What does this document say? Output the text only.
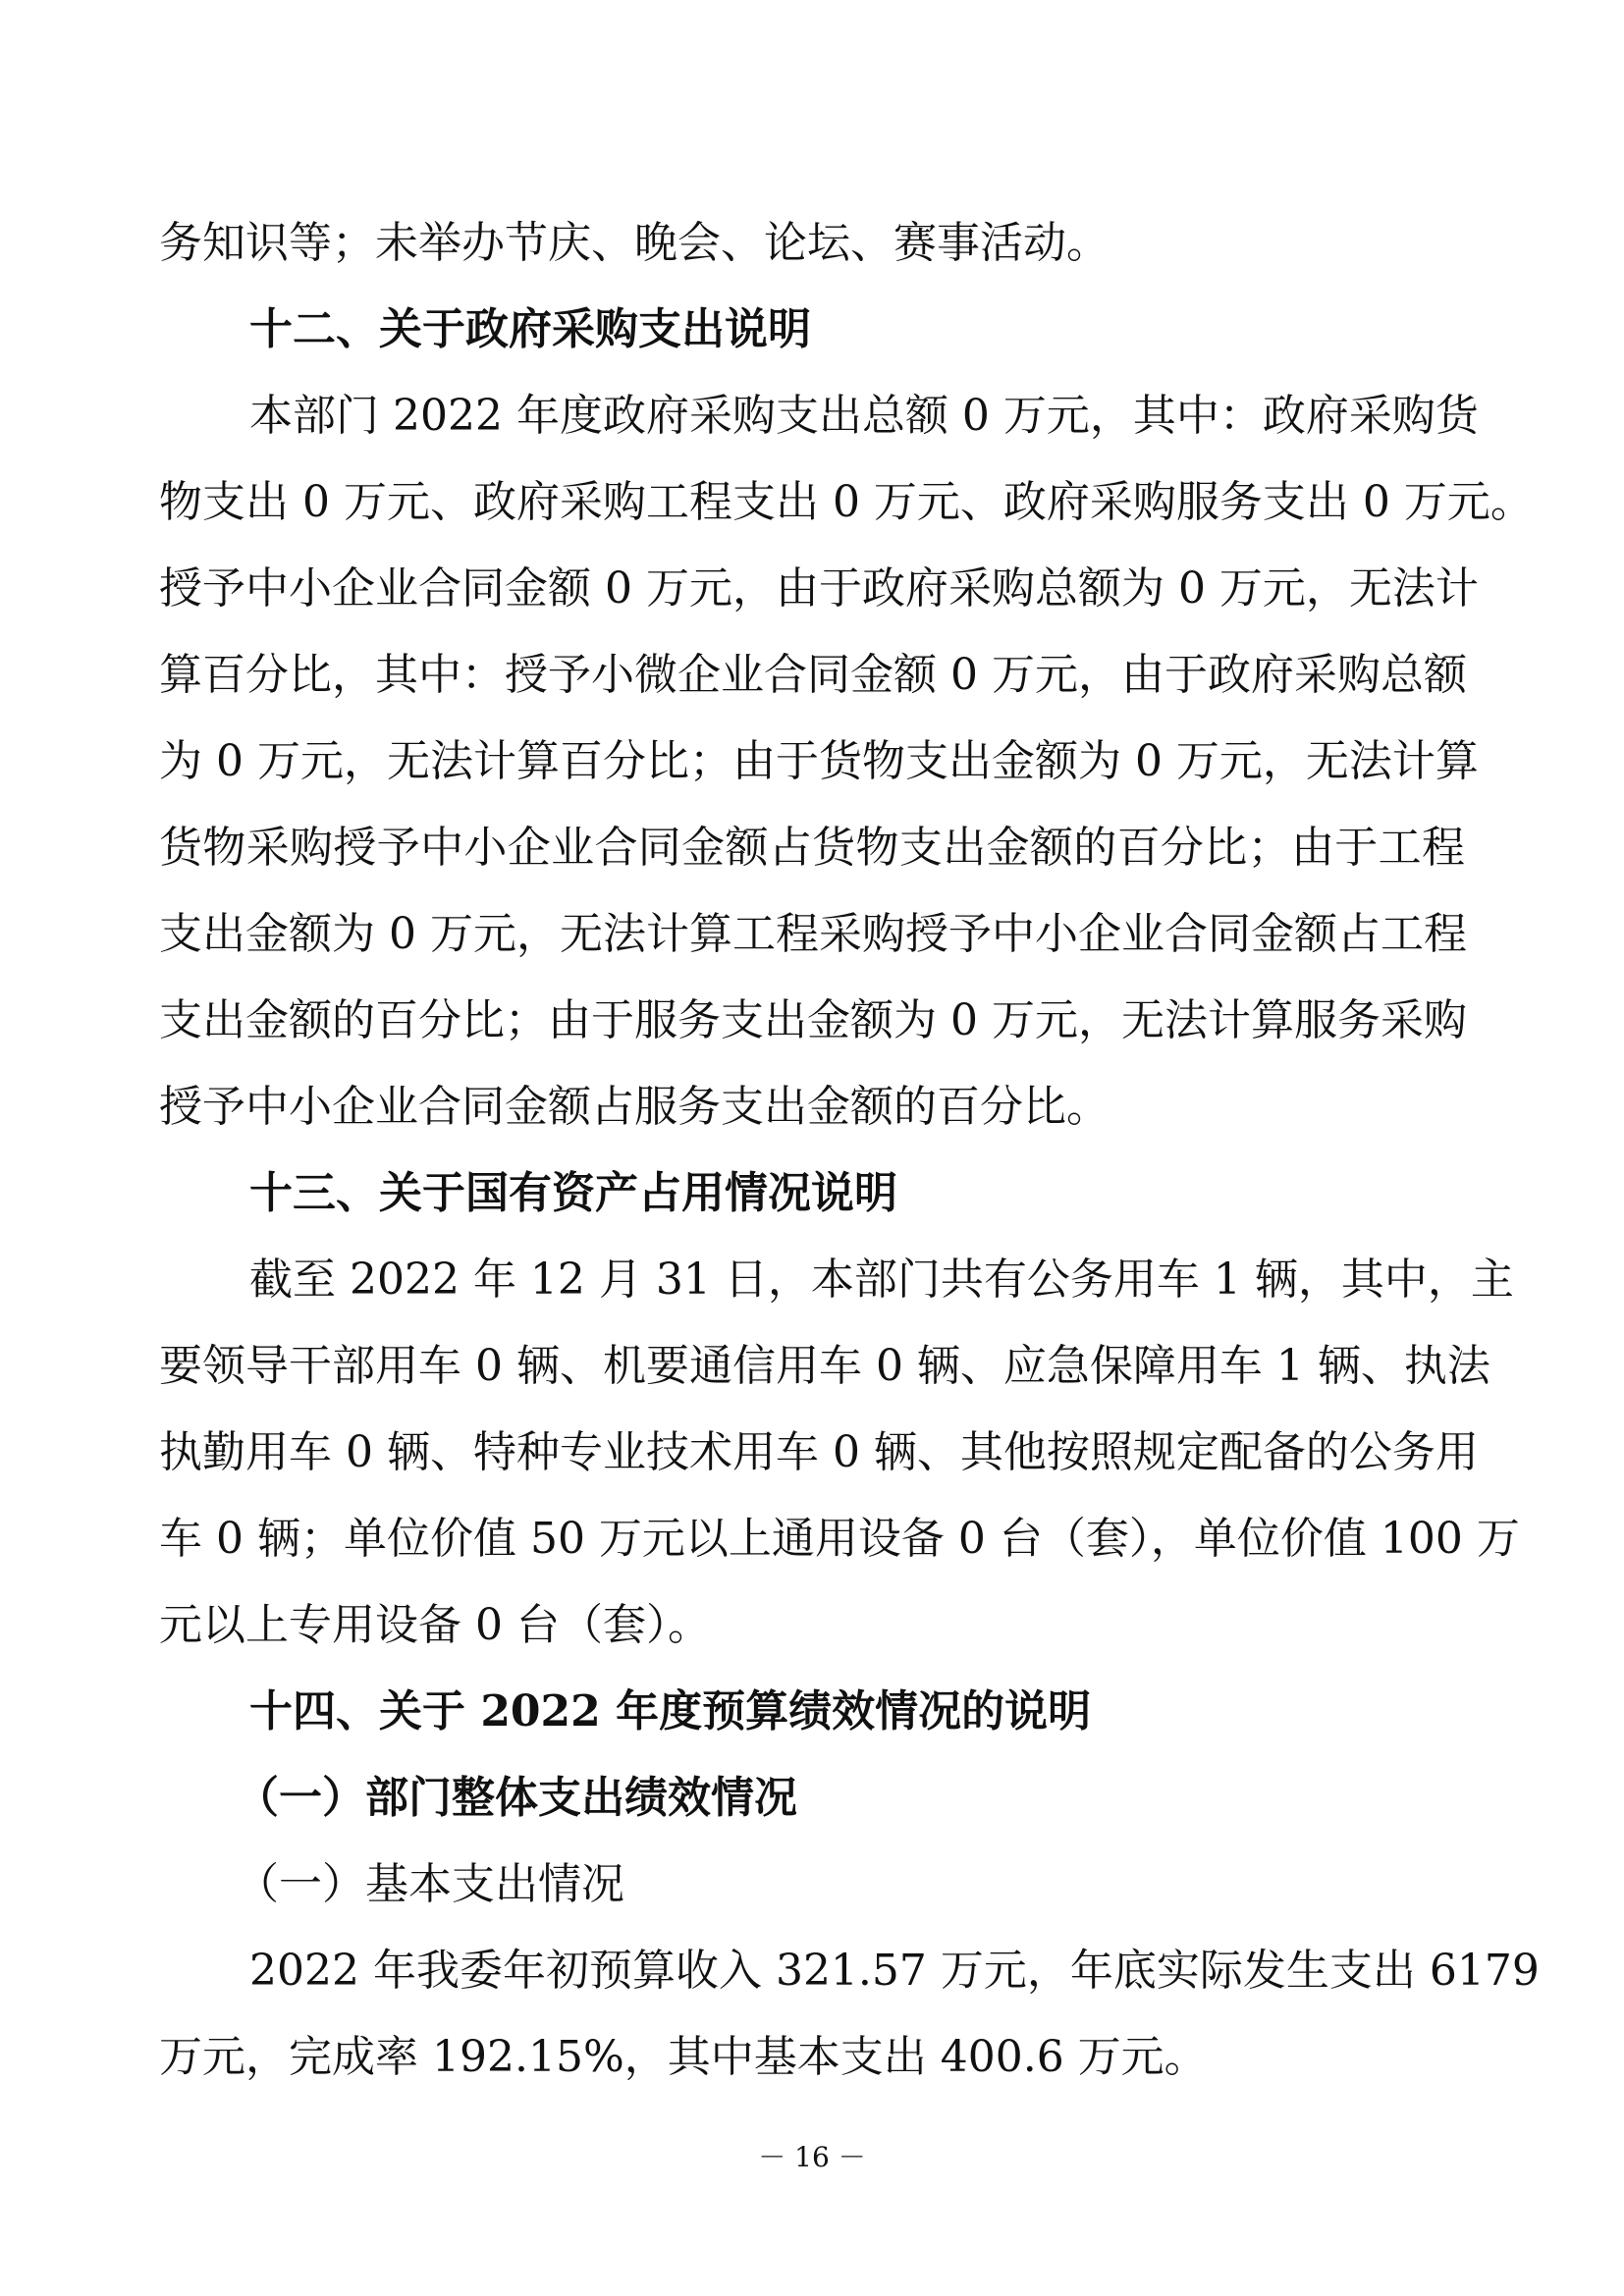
务知识等；未举办节庆、晚会、论坛、赛事活动。
十二、关于政府采购支出说明
本部门 2022 年度政府采购支出总额 0 万元，其中：政府采购货
物支出 0 万元、政府采购工程支出 0 万元、政府采购服务支出 0 万元。
授予中小企业合同金额 0 万元，由于政府采购总额为 0 万元，无法计
算百分比，其中：授予小微企业合同金额 0 万元，由于政府采购总额
为 0 万元，无法计算百分比；由于货物支出金额为 0 万元，无法计算
货物采购授予中小企业合同金额占货物支出金额的百分比；由于工程
支出金额为 0 万元，无法计算工程采购授予中小企业合同金额占工程
支出金额的百分比；由于服务支出金额为 0 万元，无法计算服务采购
授予中小企业合同金额占服务支出金额的百分比。
十三、关于国有资产占用情况说明
截至 2022 年 12 月 31 日，本部门共有公务用车 1 辆，其中，主
要领导干部用车 0 辆、机要通信用车 0 辆、应急保障用车 1 辆、执法
执勤用车 0 辆、特种专业技术用车 0 辆、其他按照规定配备的公务用
车 0 辆；单位价值 50 万元以上通用设备 0 台（套），单位价值 100 万
元以上专用设备 0 台（套）。
十四、关于 2022 年度预算绩效情况的说明
（一）部门整体支出绩效情况
（一）基本支出情况
2022 年我委年初预算收入 321.57 万元，年底实际发生支出 6179
万元，完成率 192.15%，其中基本支出 400.6 万元。
－ 16 －
